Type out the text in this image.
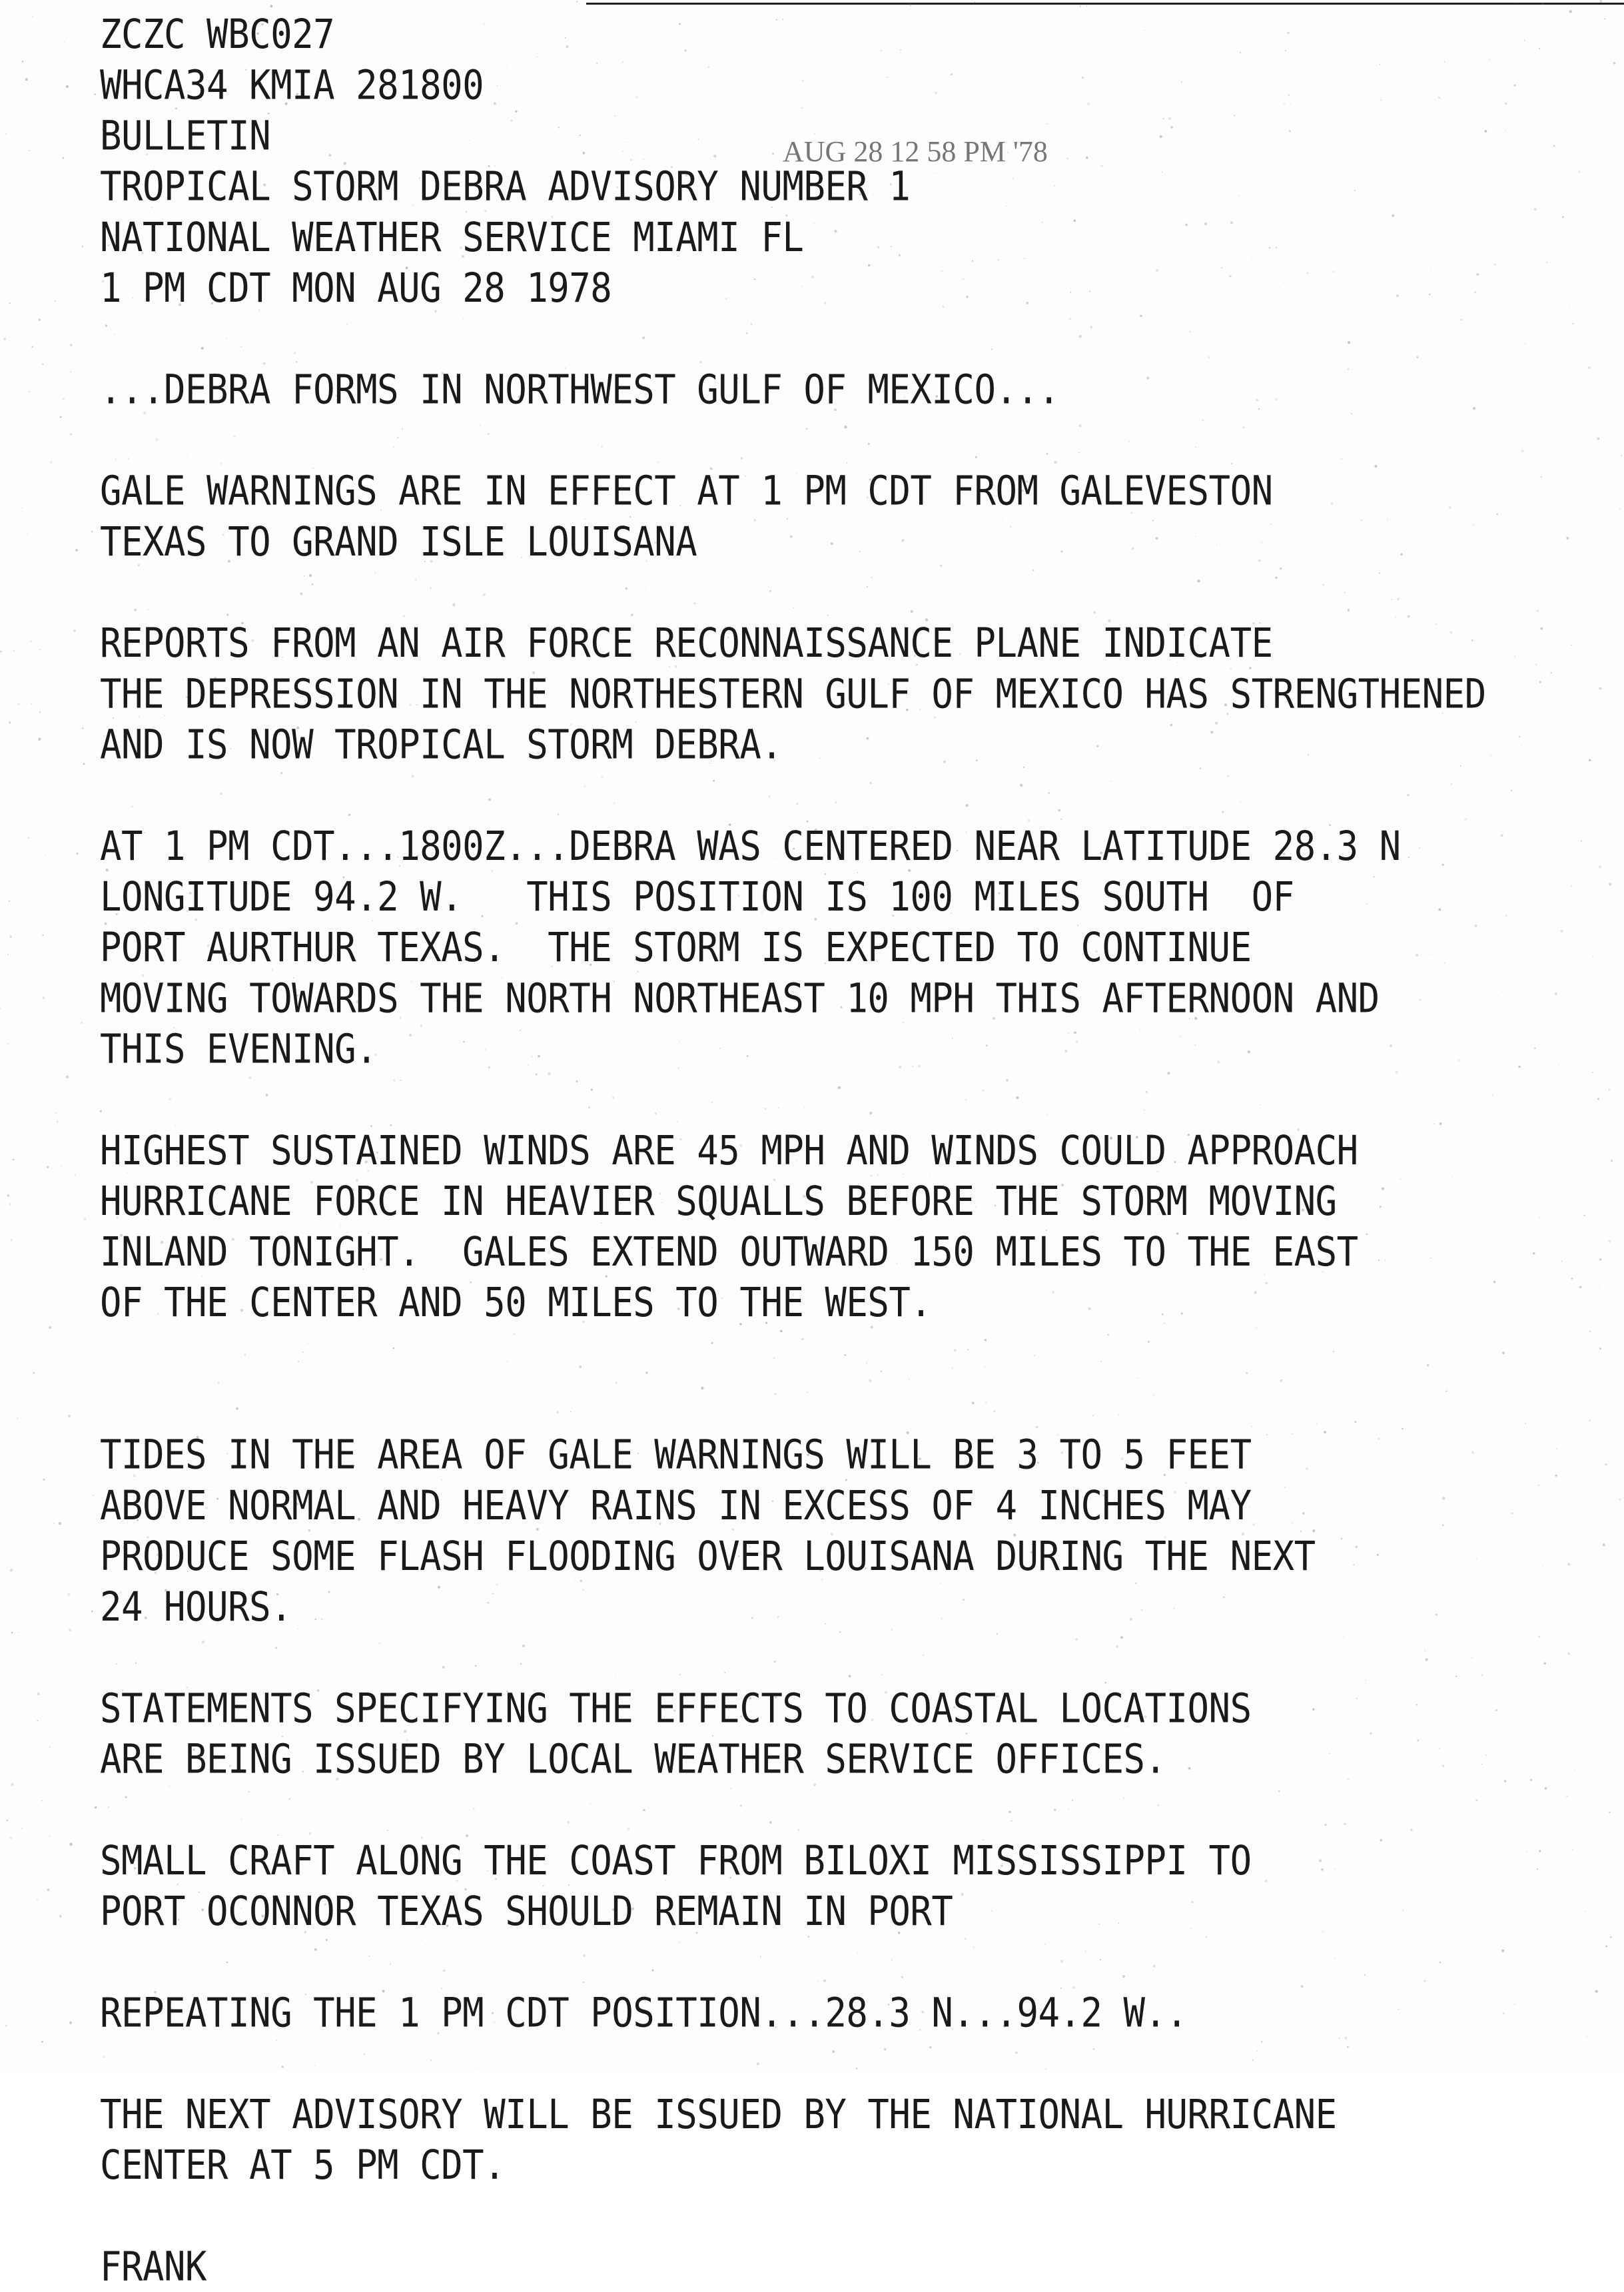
ZCZC WBC027
WHCA34 KMIA 281800
BULLETIN
TROPICAL STORM DEBRA ADVISORY NUMBER 1
NATIONAL WEATHER SERVICE MIAMI FL
1 PM CDT MON AUG 28 1978
...DEBRA FORMS IN NORTHWEST GULF OF MEXICO...
GALE WARNINGS ARE IN EFFECT AT 1 PM CDT FROM GALEVESTON
TEXAS TO GRAND ISLE LOUISANA
REPORTS FROM AN AIR FORCE RECONNAISSANCE PLANE INDICATE
THE DEPRESSION IN THE NORTHESTERN GULF OF MEXICO HAS STRENGTHENED
AND IS NOW TROPICAL STORM DEBRA.
AT 1 PM CDT...1800Z...DEBRA WAS CENTERED NEAR LATITUDE 28.3 N
LONGITUDE 94.2 W.   THIS POSITION IS 100 MILES SOUTH  OF
PORT AURTHUR TEXAS.  THE STORM IS EXPECTED TO CONTINUE
MOVING TOWARDS THE NORTH NORTHEAST 10 MPH THIS AFTERNOON AND
THIS EVENING.
HIGHEST SUSTAINED WINDS ARE 45 MPH AND WINDS COULD APPROACH
HURRICANE FORCE IN HEAVIER SQUALLS BEFORE THE STORM MOVING
INLAND TONIGHT.  GALES EXTEND OUTWARD 150 MILES TO THE EAST
OF THE CENTER AND 50 MILES TO THE WEST.
TIDES IN THE AREA OF GALE WARNINGS WILL BE 3 TO 5 FEET
ABOVE NORMAL AND HEAVY RAINS IN EXCESS OF 4 INCHES MAY
PRODUCE SOME FLASH FLOODING OVER LOUISANA DURING THE NEXT
24 HOURS.
STATEMENTS SPECIFYING THE EFFECTS TO COASTAL LOCATIONS
ARE BEING ISSUED BY LOCAL WEATHER SERVICE OFFICES.
SMALL CRAFT ALONG THE COAST FROM BILOXI MISSISSIPPI TO
PORT OCONNOR TEXAS SHOULD REMAIN IN PORT
REPEATING THE 1 PM CDT POSITION...28.3 N...94.2 W..
THE NEXT ADVISORY WILL BE ISSUED BY THE NATIONAL HURRICANE
CENTER AT 5 PM CDT.
FRANK
AUG 28 12 58 PM '78
